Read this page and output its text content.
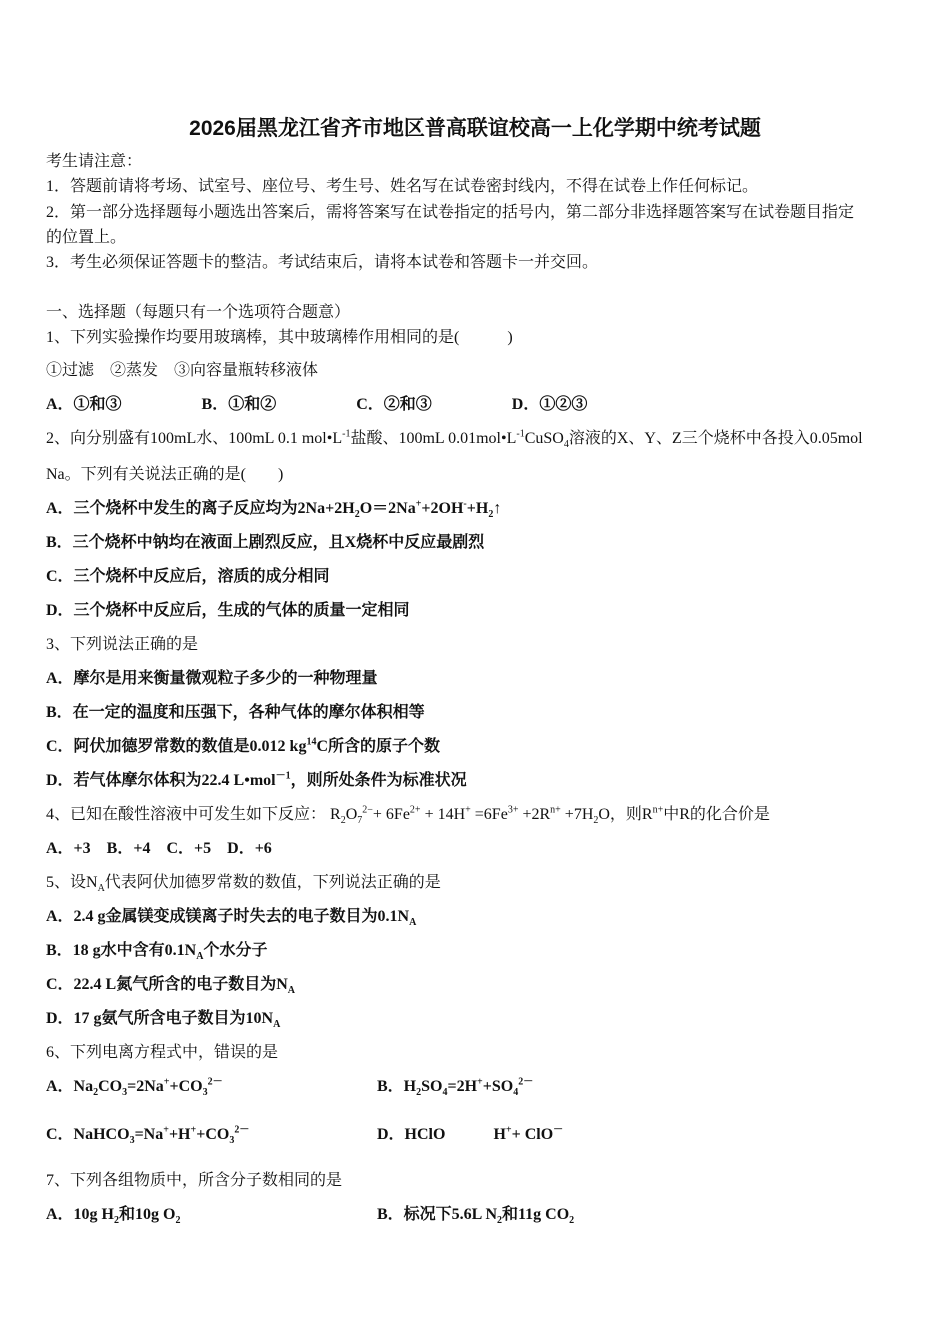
2026届黑龙江省齐市地区普高联谊校高一上化学期中统考试题
考生请注意：
1．答题前请将考场、试室号、座位号、考生号、姓名写在试卷密封线内，不得在试卷上作任何标记。
2．第一部分选择题每小题选出答案后，需将答案写在试卷指定的括号内，第二部分非选择题答案写在试卷题目指定
的位置上。
3．考生必须保证答题卡的整洁。考试结束后，请将本试卷和答题卡一并交回。
一、选择题（每题只有一个选项符合题意）
1、下列实验操作均要用玻璃棒，其中玻璃棒作用相同的是(　　　)
①过滤　②蒸发　③向容量瓶转移液体
A．①和③　　　　　B．①和②　　　　　C．②和③　　　　　D．①②③
2、向分别盛有100mL水、100mL 0.1 $mol•L^{-1}$盐酸、100mL $0.01mol•L^{-1}CuSO_4$溶液的X、Y、Z三个烧杯中各投入0.05mol
Na。下列有关说法正确的是(　　)
A．三个烧杯中发生的离子反应均为$2Na+2H_2O=2Na^++2OH^-+H_2↑$
B．三个烧杯中钠均在液面上剧烈反应，且X烧杯中反应最剧烈
C．三个烧杯中反应后，溶质的成分相同
D．三个烧杯中反应后，生成的气体的质量一定相同
3、下列说法正确的是
A．摩尔是用来衡量微观粒子多少的一种物理量
B．在一定的温度和压强下，各种气体的摩尔体积相等
C．阿伏加德罗常数的数值是0.012 $kg^{14}C$所含的原子个数
D．若气体摩尔体积为22.4 L•mol$^{-1}$，则所处条件为标准状况
4、已知在酸性溶液中可发生如下反应： $R_2O_7^{2-}+ 6Fe^{2+} + 14H^+ =6Fe^{3+} +2R^{n+} +7H_2O$，则$R^{n+}$中R的化合价是
A．+3　B．+4　C．+5　D．+6
5、设$N_A$代表阿伏加德罗常数的数值，下列说法正确的是
A．2.4 g金属镁变成镁离子时失去的电子数目为$0.1N_A$
B．18 g水中含有$0.1N_A$个水分子
C．22.4 L氮气所含的电子数目为$N_A$
D．17 g氨气所含电子数目为$10N_A$
6、下列电离方程式中，错误的是
A．$Na_2CO_3=2Na^++CO_3^{2-}$	B．$H_2SO_4=2H^++SO_4^{2-}$
C．$NaHCO_3=Na^++H^++CO_3^{2-}$	D．HClO　　　H++ ClO－
7、下列各组物质中，所含分子数相同的是
A．10g $H_2$和10g $O_2$	B．标况下5.6L $N_2$和11g $CO_2$
